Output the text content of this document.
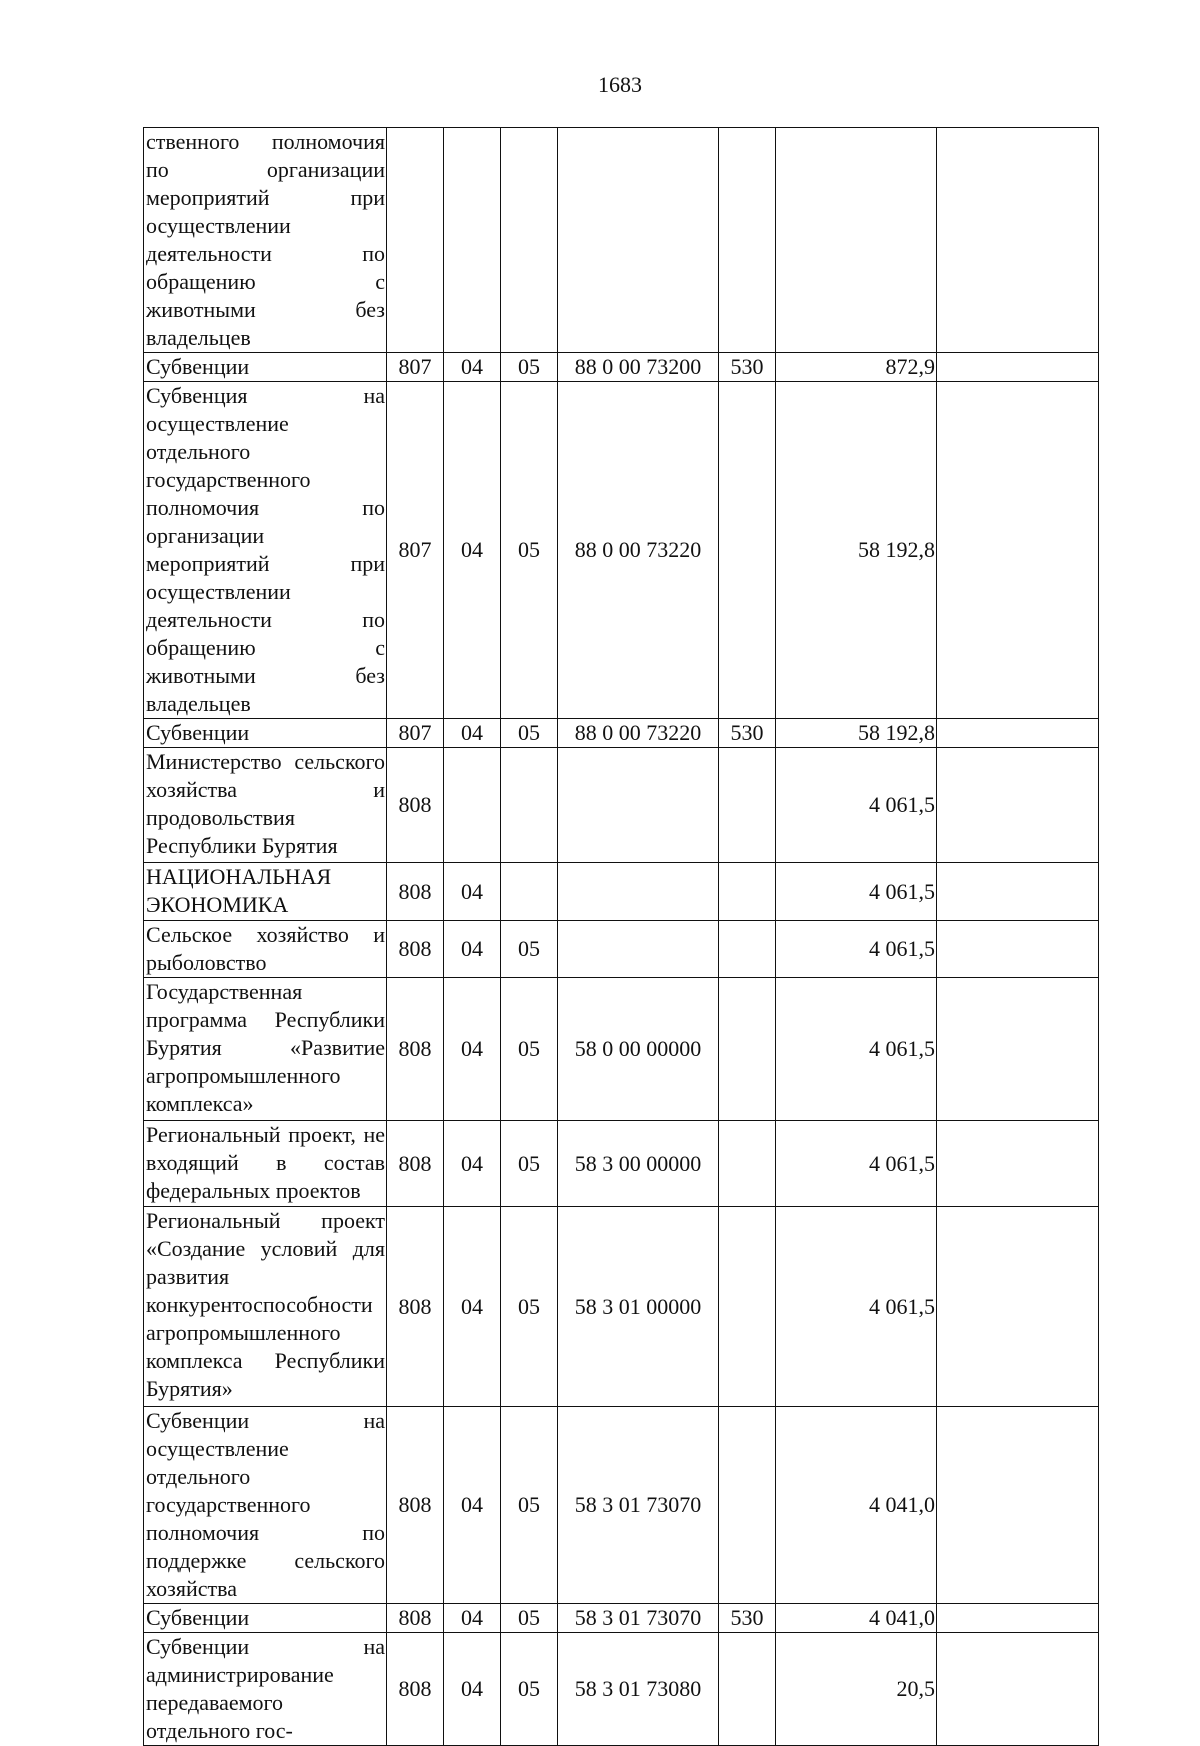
1683
ственного полномочия по организации мероприятий при осуществлении деятельности по обращению с животными без владельцев							
Субвенции	807	04	05	88 0 00 73200	530	872,9	
Субвенция на осуществление отдельного государственного полномочия по организации мероприятий при осуществлении деятельности по обращению с животными без владельцев	807	04	05	88 0 00 73220		58 192,8	
Субвенции	807	04	05	88 0 00 73220	530	58 192,8	
Министерство сельского хозяйства и продовольствия Республики Бурятия	808					4 061,5	
НАЦИОНАЛЬНАЯ ЭКОНОМИКА	808	04				4 061,5	
Сельское хозяйство и рыболовство	808	04	05			4 061,5	
Государственная программа Республики Бурятия «Развитие агропромышленного комплекса»	808	04	05	58 0 00 00000		4 061,5	
Региональный проект, не входящий в состав федеральных проектов	808	04	05	58 3 00 00000		4 061,5	
Региональный проект «Создание условий для развития конкурентоспособности агропромышленного комплекса Республики Бурятия»	808	04	05	58 3 01 00000		4 061,5	
Субвенции на осуществление отдельного государственного полномочия по поддержке сельского хозяйства	808	04	05	58 3 01 73070		4 041,0	
Субвенции	808	04	05	58 3 01 73070	530	4 041,0	
Субвенции на администрирование передаваемого отдельного гос-	808	04	05	58 3 01 73080		20,5	
